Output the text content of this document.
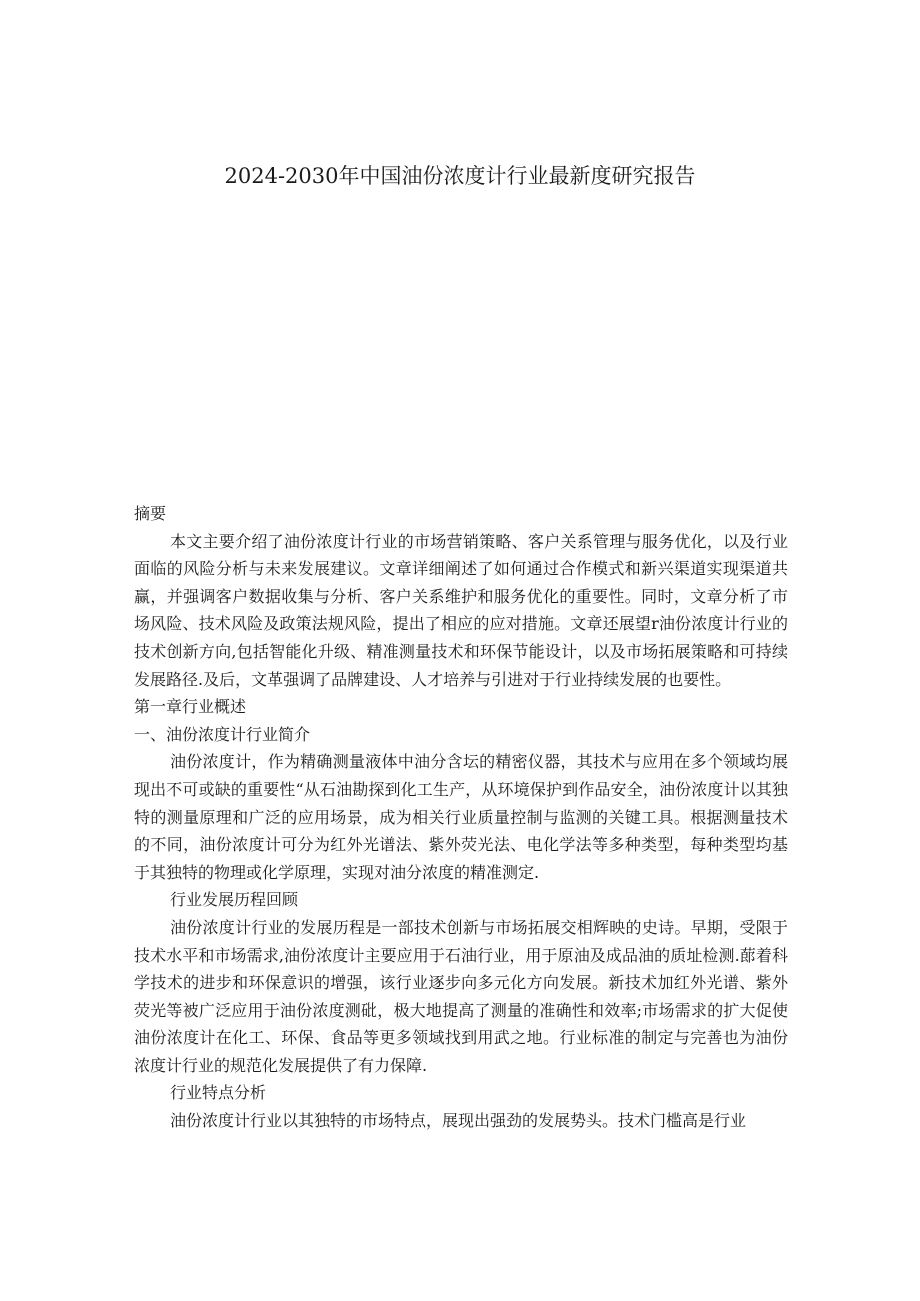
2024-2030年中国油份浓度计行业最新度研究报告

摘要

本文主要介绍了油份浓度计行业的市场营销策略、客户关系管理与服务优化，以及行业面临的风险分析与未来发展建议。文章详细阐述了如何通过合作模式和新兴渠道实现渠道共赢，并强调客户数据收集与分析、客户关系维护和服务优化的重要性。同时，文章分析了市场风险、技术风险及政策法规风险，提出了相应的应对措施。文章还展望r油份浓度计行业的技术创新方向,包括智能化升级、精准测量技术和环保节能设计，以及市场拓展策略和可持续发展路径.及后，文革强调了品牌建设、人才培养与引进对于行业持续发展的也要性。

第一章行业概述

一、油份浓度计行业简介

油份浓度计，作为精确测量液体中油分含坛的精密仪器，其技术与应用在多个领域均展现出不可或缺的重要性“从石油勘探到化工生产，从环境保护到作品安全，油份浓度计以其独特的测量原理和广泛的应用场景，成为相关行业质量控制与监测的关键工具。根据测量技术的不同，油份浓度计可分为红外光谱法、紫外荧光法、电化学法等多种类型，每种类型均基于其独特的物理或化学原理，实现对油分浓度的精准测定.

行业发展历程回顾

油份浓度计行业的发展历程是一部技术创新与市场拓展交相辉映的史诗。早期，受限于技术水平和市场需求,油份浓度计主要应用于石油行业，用于原油及成品油的质址检测.蓈着科学技术的进步和环保意识的增强，该行业逐步向多元化方向发展。新技术加红外光谱、紫外荧光等被广泛应用于油份浓度测砒，极大地提高了测量的准确性和效率;市场需求的扩大促使油份浓度计在化工、环保、食品等更多领域找到用武之地。行业标准的制定与完善也为油份浓度计行业的规范化发展提供了有力保障.

行业特点分析

油份浓度计行业以其独特的市场特点，展现出强劲的发展势头。技术门槛高是行业
